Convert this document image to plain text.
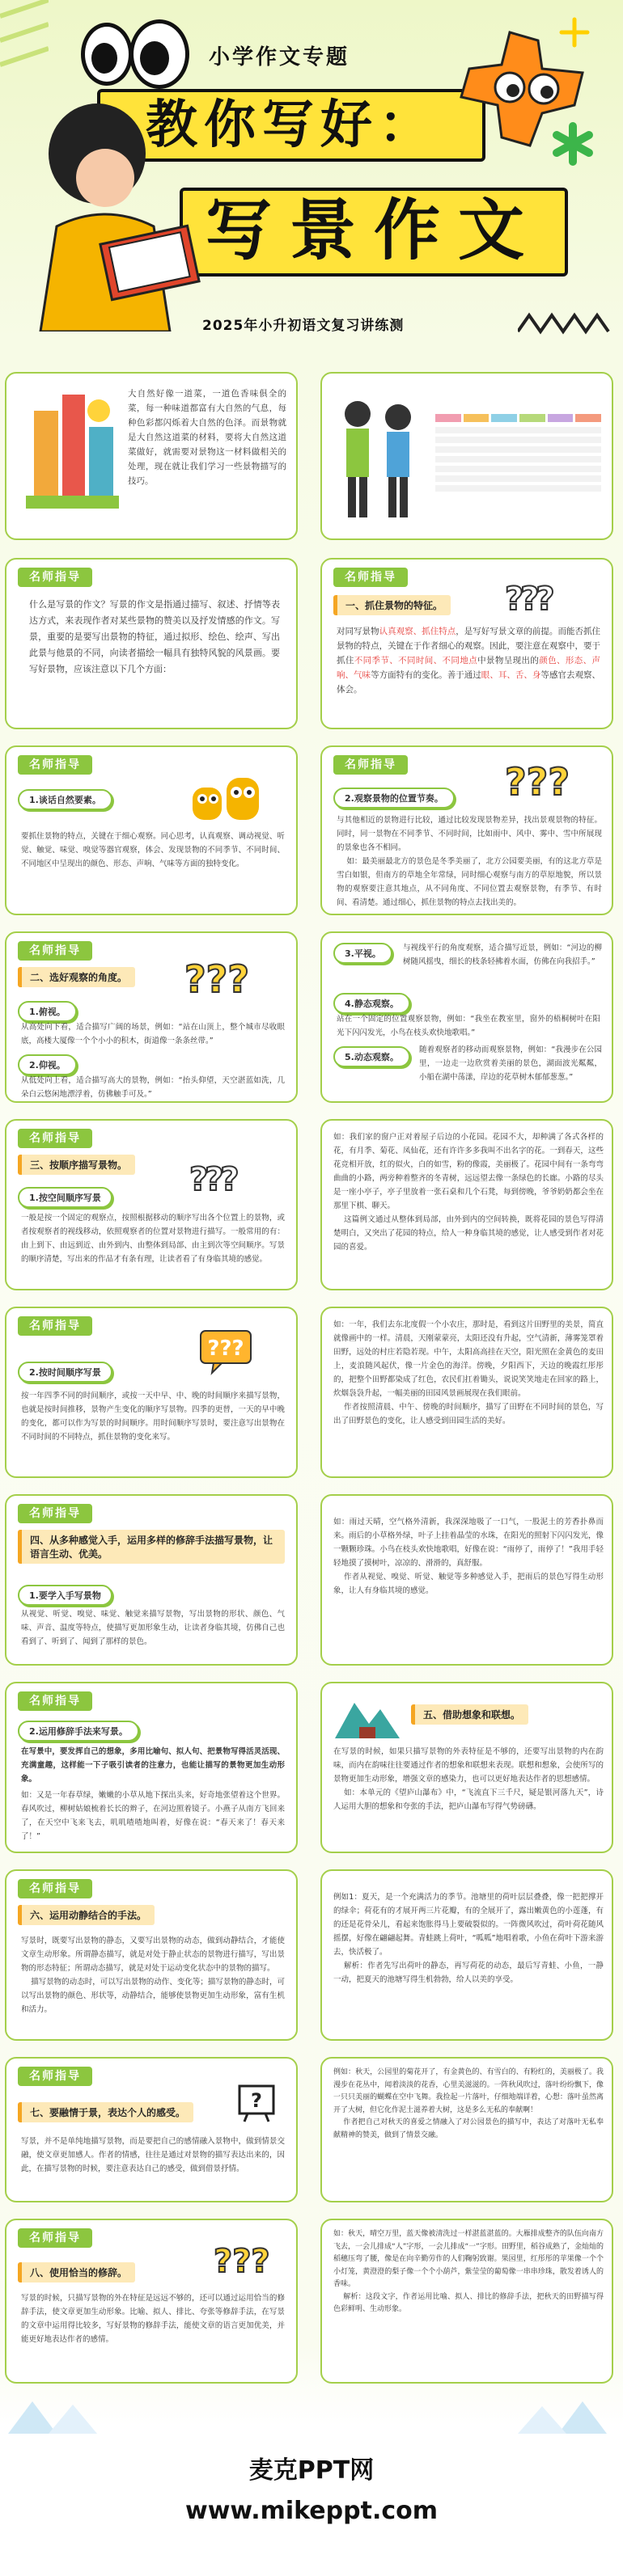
小学作文专题
教你写好：
写景作文
2025年小升初语文复习讲练测
大自然好像一道菜，一道色香味俱全的菜，每一种味道都富有大自然的气息，每种色彩都闪烁着大自然的色泽。而景物就是大自然这道菜的材料，要将大自然这道菜做好，就需要对景物这一材料做相关的处理，现在就让我们学习一些景物描写的技巧。
名师指导
什么是写景的作文？写景的作文是指通过描写、叙述、抒情等表达方式，来表现作者对某些景物的赞美以及抒发情感的作文。写景，重要的是要写出景物的特征，通过拟形、绘色、绘声、写出此景与他景的不同，向读者描绘一幅具有独特风貌的风景画。要写好景物，应该注意以下几个方面：
名师指导
一、抓住景物的特征。 ???
对同写景物认真观察、抓住特点，是写好写景文章的前提。而能否抓住景物的特点，关键在于作者细心的观察。因此，要注意在观察中，要于抓住不同季节、不同时间、不同地点中景物呈现出的颜色、形态、声响、气味等方面特有的变化。善于通过眼、耳、舌、身等感官去观察、体会。
名师指导
1.谈话自然要素。
要抓住景物的特点，关键在于细心观察。同心思考，认真观察、调动视觉、听觉、触觉、味觉、嗅觉等器官观察，体会、发现景物的不同季节、不同时间、不同地区中呈现出的颜色、形态、声响、气味等方面的独特变化。
名师指导
2.观察景物的位置节奏。	???
与其他相近的景物进行比较，通过比较发现景物差异，找出景观景物的特征。同时，同一景物在不同季节、不同时间，比如雨中、风中、雾中、雪中所展现的景象也各不相同。
如：最美丽最北方的景色是冬季美丽了，北方公园要美丽，有的这北方草是雪白如银，但南方的草地全年常绿，同时细心观察与南方的草原地貌，所以景物的观察要注意其地点，从不同角度、不同位置去观察景物，有季节、有时间、看清楚。通过细心，抓住景物的特点去找出美的。
名师指导
二、选好观察的角度。 ???
1.俯视。
从高处向下看，适合描写广阔的场景，例如：“站在山顶上，整个城市尽收眼底，高楼大厦像一个个小小的积木，街道像一条条丝带。”
2.仰视。
从低处向上看，适合描写高大的景物，例如：“抬头仰望，天空湛蓝如洗，几朵白云悠闲地漂浮着，仿佛触手可及。”
3.平视。
与视线平行的角度观察，适合描写近景，例如：“河边的柳树随风摇曳，细长的枝条轻拂着水面，仿佛在向我招手。”
4.静态观察。
站在一个固定的位置观察景物，例如：“我坐在教室里，窗外的梧桐树叶在阳光下闪闪发光，小鸟在枝头欢快地歌唱。”
5.动态观察。
随着观察者的移动而观察景物，例如：“我漫步在公园里，一边走一边欣赏着美丽的景色，湖面波光粼粼，小船在湖中荡漾，岸边的花草树木郁郁葱葱。”
名师指导
三、按顺序描写景物。
1.按空间顺序写景	???
一般是按一个固定的观察点，按照根据移动的顺序写出各个位置上的景物，或者按观察者的视线移动，依照观察者的位置对景物进行描写。一般常用的有：由上到下、由远到近、由外到内、由整体到局部、由主到次等空间顺序。写景的顺序清楚，写出来的作品才有条有理，让读者看了有身临其境的感觉。
如：我们家的窗户正对着屋子后边的小花园。花园不大，却种满了各式各样的花，有月季、菊花、凤仙花，还有许许多多我叫不出名字的花。一到春天，这些花竞相开放，红的似火，白的如雪，粉的像霞，美丽极了。花园中间有一条弯弯曲曲的小路，两旁种着整齐的冬青树，远远望去像一条绿色的长廊。小路的尽头是一座小亭子，亭子里放着一张石桌和几个石凳，每到傍晚，爷爷奶奶都会坐在那里下棋、聊天。
这篇例文通过从整体到局部，由外到内的空间转换，既将花园的景色写得清楚明白，又突出了花园的特点，给人一种身临其境的感觉，让人感受到作者对花园的喜爱。
名师指导
2.按时间顺序写景
???
按一年四季不同的时间顺序，或按一天中早、中、晚的时间顺序来描写景物，也就是按时间推移，景物产生变化的顺序写景物。四季的更替，一天的早中晚的变化，都可以作为写景的时间顺序。用时间顺序写景时，要注意写出景物在不同时间的不同特点，抓住景物的变化来写。
如：一年，我们去东北度假一个小农庄，那时是，看到这片田野里的美景，简直就像画中的一样。清晨，天刚蒙蒙亮，太阳还没有升起，空气清新，薄雾笼罩着田野，远处的村庄若隐若现。中午，太阳高高挂在天空，阳光照在金黄色的麦田上，麦浪随风起伏，像一片金色的海洋。傍晚，夕阳西下，天边的晚霞红彤彤的，把整个田野都染成了红色，农民们扛着锄头，说说笑笑地走在回家的路上，炊烟袅袅升起，一幅美丽的田园风景画展现在我们眼前。
作者按照清晨、中午、傍晚的时间顺序，描写了田野在不同时间的景色，写出了田野景色的变化，让人感受到田园生活的美好。
名师指导
四、从多种感觉入手，运用多样的修辞手法描写景物，让语言生动、优美。
1.要学入手写景物
从视觉、听觉、嗅觉、味觉、触觉来描写景物，写出景物的形状、颜色、气味、声音、温度等特点，使描写更加形象生动，让读者身临其境，仿佛自己也看到了、听到了、闻到了那样的景色。
如：雨过天晴，空气格外清新，我深深地吸了一口气，一股泥土的芳香扑鼻而来。雨后的小草格外绿，叶子上挂着晶莹的水珠，在阳光的照射下闪闪发光，像一颗颗珍珠。小鸟在枝头欢快地歌唱，好像在说：“雨停了，雨停了！”我用手轻轻地摸了摸树叶，凉凉的、滑滑的，真舒服。
作者从视觉、嗅觉、听觉、触觉等多种感觉入手，把雨后的景色写得生动形象，让人有身临其境的感觉。
名师指导
2.运用修辞手法来写景。
在写景中，要发挥自己的想象，多用比喻句、拟人句、把景物写得活灵活现、充满童趣，这样能一下子吸引读者的注意力，也能让描写的景物更加生动形象。
如：又是一年春草绿，嫩嫩的小草从地下探出头来，好奇地张望着这个世界。春风吹过，柳树姑娘梳着长长的辫子，在河边照着镜子。小燕子从南方飞回来了，在天空中飞来飞去，叽叽喳喳地叫着，好像在说：“春天来了！春天来了！”
五、借助想象和联想。
在写景的时候，如果只描写景物的外表特征是不够的，还要写出景物的内在韵味，而内在韵味往往要通过作者的想象和联想来表现。联想和想象，会使所写的景物更加生动形象，增强文章的感染力，也可以更好地表达作者的思想感情。
如：本单元的《望庐山瀑布》中，“飞流直下三千尺，疑是银河落九天”，诗人运用大胆的想象和夸张的手法，把庐山瀑布写得气势磅礴。
名师指导
六、运用动静结合的手法。
写景时，既要写出景物的静态，又要写出景物的动态，做到动静结合，才能使文章生动形象。所谓静态描写，就是对处于静止状态的景物进行描写，写出景物的形态特征；所谓动态描写，就是对处于运动变化状态中的景物的描写。
描写景物的动态时，可以写出景物的动作、变化等；描写景物的静态时，可以写出景物的颜色、形状等，动静结合，能够使景物更加生动形象，富有生机和活力。
例如1：夏天，是一个充满活力的季节。池塘里的荷叶层层叠叠，像一把把撑开的绿伞；荷花有的才展开两三片花瓣，有的全展开了，露出嫩黄色的小莲蓬，有的还是花骨朵儿，看起来饱胀得马上要破裂似的。一阵微风吹过，荷叶荷花随风摇摆，好像在翩翩起舞。青蛙跳上荷叶，“呱呱”地唱着歌，小鱼在荷叶下游来游去，快活极了。
解析：作者先写出荷叶的静态，再写荷花的动态，最后写青蛙、小鱼，一静一动，把夏天的池塘写得生机勃勃，给人以美的享受。
名师指导
七、要融情于景，表达个人的感受。
?
写景，并不是单纯地描写景物，而是要把自己的感情融入景物中，做到情景交融，使文章更加感人。作者的情感，往往是通过对景物的描写表达出来的，因此，在描写景物的时候，要注意表达自己的感受，做到借景抒情。
例如：秋天，公园里的菊花开了，有金黄色的、有雪白的、有粉红的，美丽极了。我漫步在花丛中，闻着淡淡的花香，心里美滋滋的。一阵秋风吹过，落叶纷纷飘下，像一只只美丽的蝴蝶在空中飞舞。我捡起一片落叶，仔细地端详着，心想：落叶虽然离开了大树，但它化作泥土滋养着大树，这是多么无私的奉献啊！
作者把自己对秋天的喜爱之情融入了对公园景色的描写中，表达了对落叶无私奉献精神的赞美，做到了情景交融。
名师指导
八、使用恰当的修辞。	???
写景的时候，只描写景物的外在特征是远远不够的，还可以通过运用恰当的修辞手法，使文章更加生动形象。比喻、拟人、排比、夸张等修辞手法，在写景的文章中运用得比较多，写好景物的修辞手法，能使文章的语言更加优美，并能更好地表达作者的感情。
如：秋天，晴空万里，蓝天像被清洗过一样湛蓝湛蓝的。大雁排成整齐的队伍向南方飞去，一会儿排成“人”字形，一会儿排成“一”字形。田野里，稻谷成熟了，金灿灿的稻穗压弯了腰，像是在向辛勤劳作的人们鞠躬致谢。果园里，红彤彤的苹果像一个个小灯笼，黄澄澄的梨子像一个个小葫芦，紫莹莹的葡萄像一串串珍珠，散发着诱人的香味。
解析：这段文字，作者运用比喻、拟人、排比的修辞手法，把秋天的田野描写得色彩鲜明、生动形象。
麦克PPT网
www.mikeppt.com
